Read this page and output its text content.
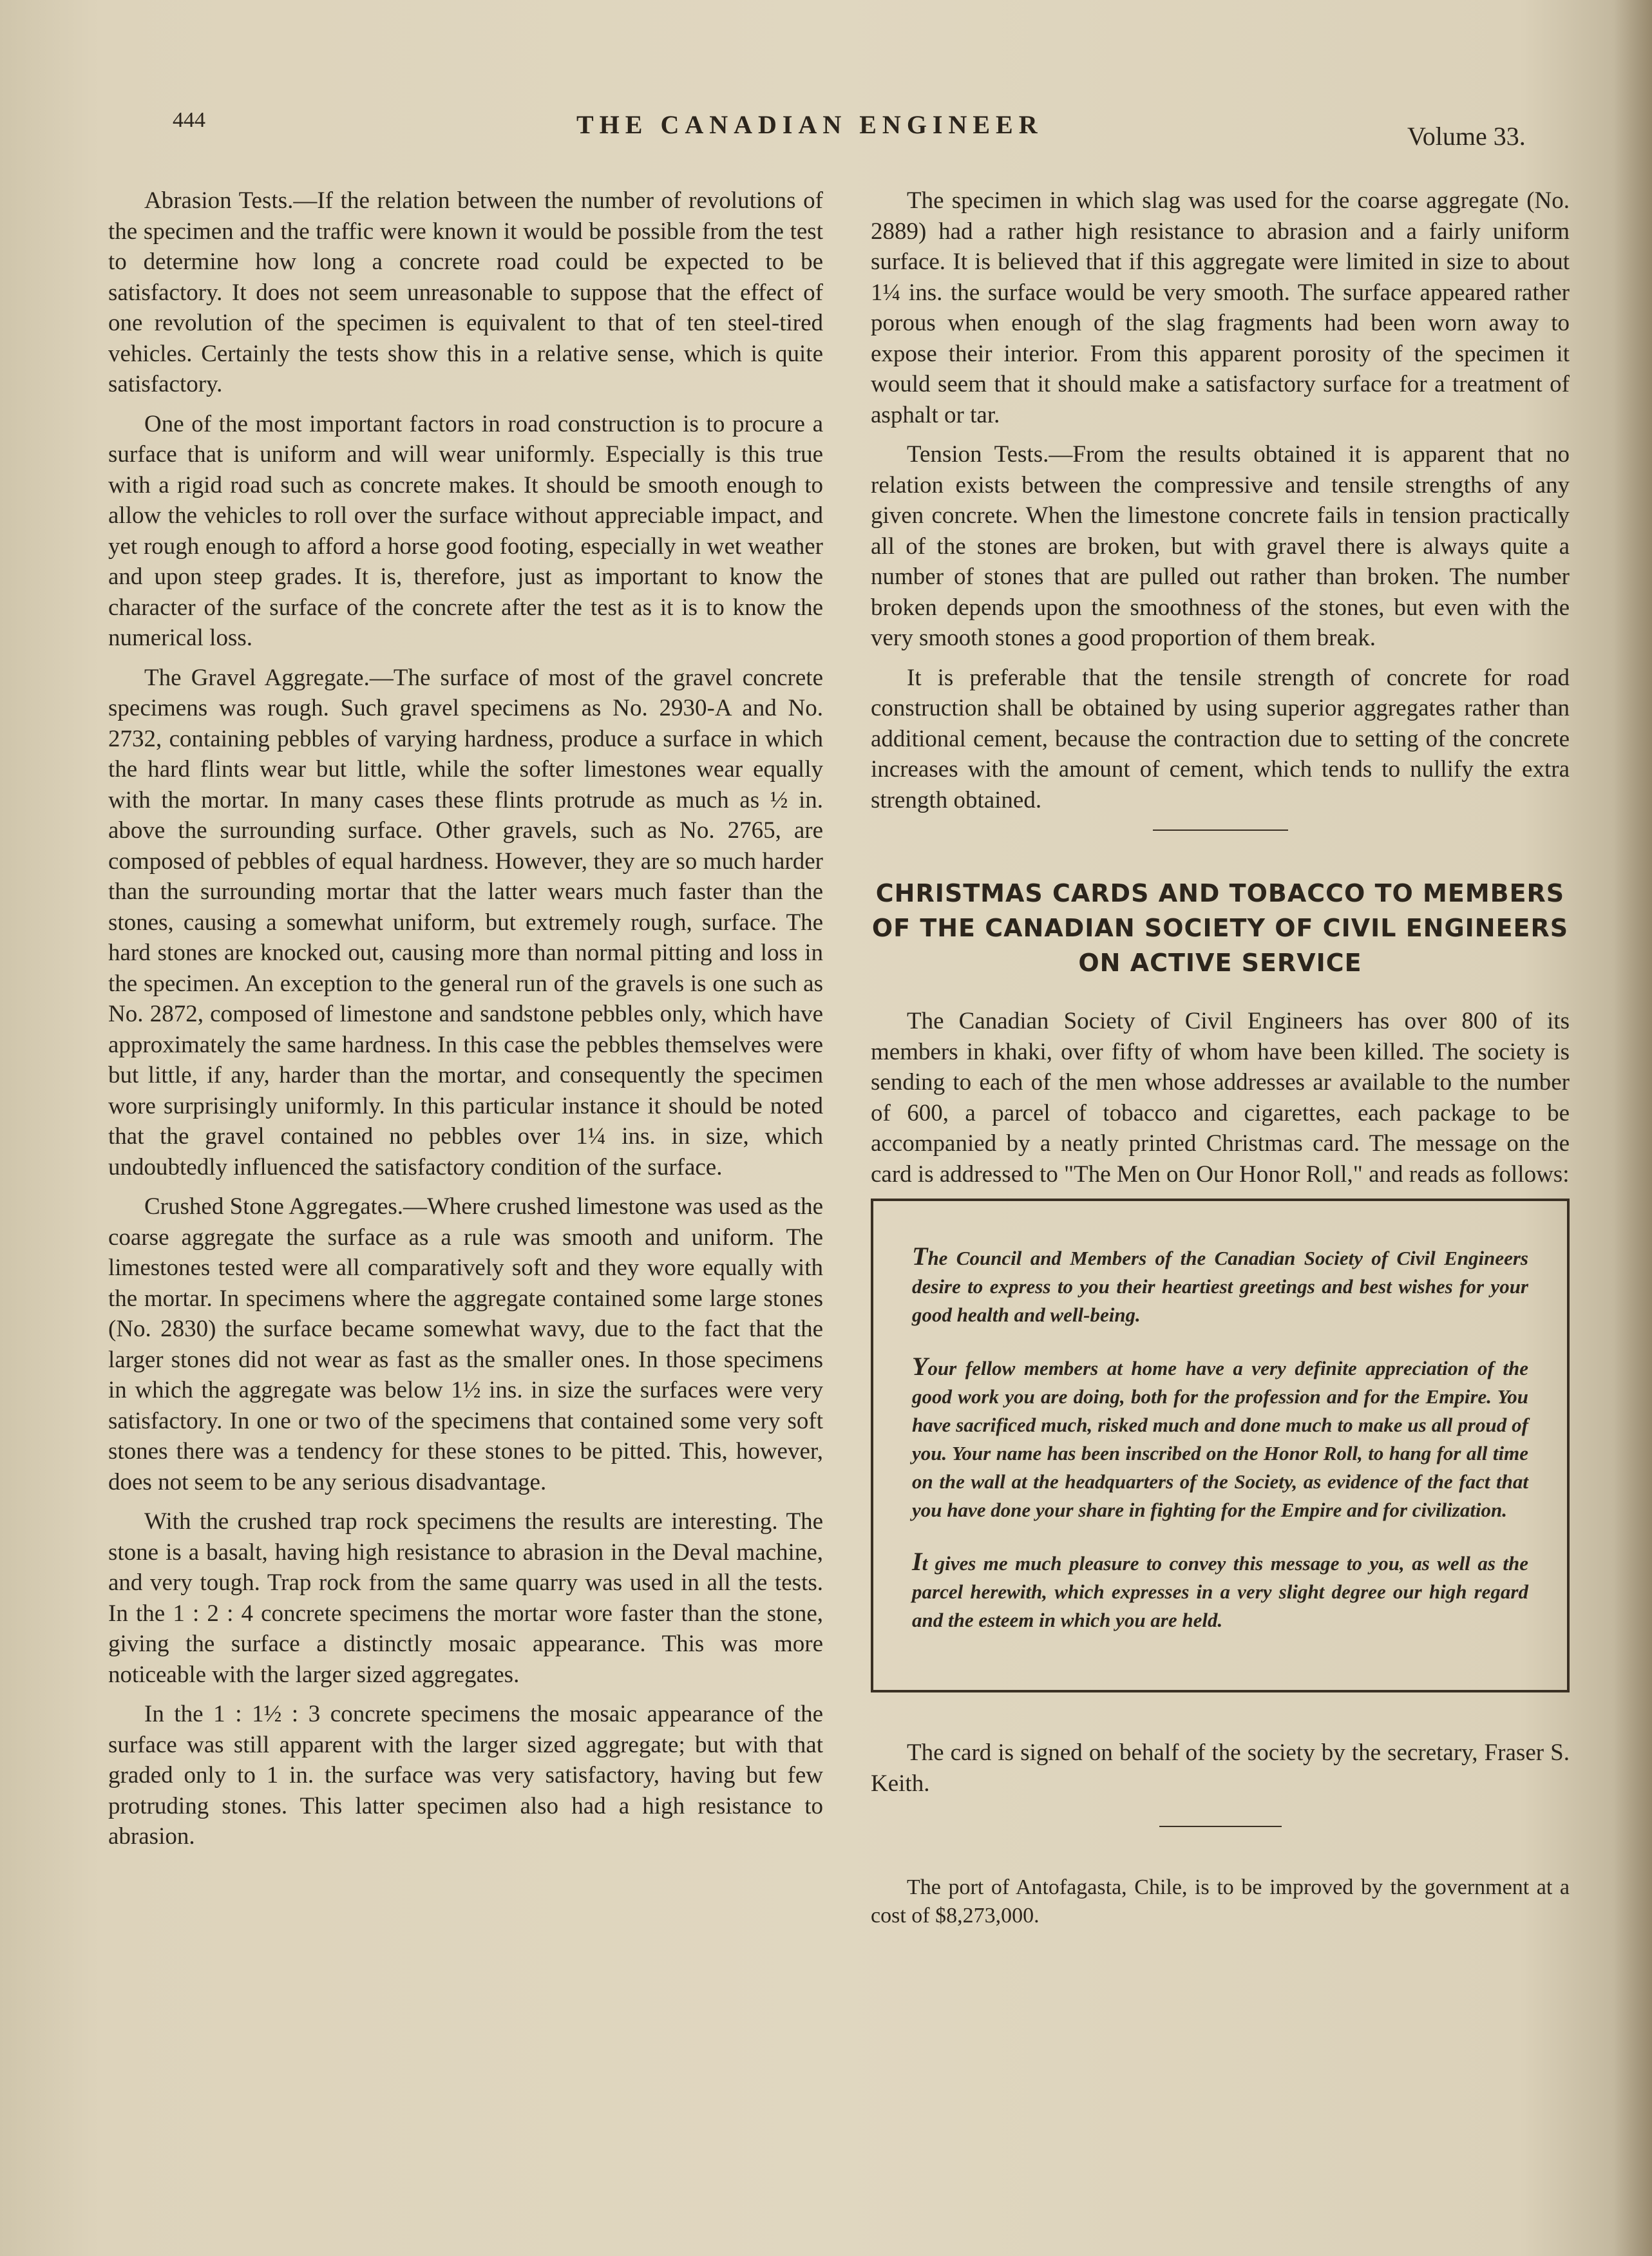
444	THE CANADIAN ENGINEER	Volume 33.

Abrasion Tests.—If the relation between the number of revolutions of the specimen and the traffic were known it would be possible from the test to determine how long a concrete road could be expected to be satisfactory. It does not seem unreasonable to suppose that the effect of one revolution of the specimen is equivalent to that of ten steel-tired vehicles. Certainly the tests show this in a relative sense, which is quite satisfactory.

One of the most important factors in road construction is to procure a surface that is uniform and will wear uniformly. Especially is this true with a rigid road such as concrete makes. It should be smooth enough to allow the vehicles to roll over the surface without appreciable impact, and yet rough enough to afford a horse good footing, especially in wet weather and upon steep grades. It is, therefore, just as important to know the character of the surface of the concrete after the test as it is to know the numerical loss.

The Gravel Aggregate.—The surface of most of the gravel concrete specimens was rough. Such gravel specimens as No. 2930-A and No. 2732, containing pebbles of varying hardness, produce a surface in which the hard flints wear but little, while the softer limestones wear equally with the mortar. In many cases these flints protrude as much as ½ in. above the surrounding surface. Other gravels, such as No. 2765, are composed of pebbles of equal hardness. However, they are so much harder than the surrounding mortar that the latter wears much faster than the stones, causing a somewhat uniform, but extremely rough, surface. The hard stones are knocked out, causing more than normal pitting and loss in the specimen. An exception to the general run of the gravels is one such as No. 2872, composed of limestone and sandstone pebbles only, which have approximately the same hardness. In this case the pebbles themselves were but little, if any, harder than the mortar, and consequently the specimen wore surprisingly uniformly. In this particular instance it should be noted that the gravel contained no pebbles over 1¼ ins. in size, which undoubtedly influenced the satisfactory condition of the surface.

Crushed Stone Aggregates.—Where crushed limestone was used as the coarse aggregate the surface as a rule was smooth and uniform. The limestones tested were all comparatively soft and they wore equally with the mortar. In specimens where the aggregate contained some large stones (No. 2830) the surface became somewhat wavy, due to the fact that the larger stones did not wear as fast as the smaller ones. In those specimens in which the aggregate was below 1½ ins. in size the surfaces were very satisfactory. In one or two of the specimens that contained some very soft stones there was a tendency for these stones to be pitted. This, however, does not seem to be any serious disadvantage.

With the crushed trap rock specimens the results are interesting. The stone is a basalt, having high resistance to abrasion in the Deval machine, and very tough. Trap rock from the same quarry was used in all the tests. In the 1 : 2 : 4 concrete specimens the mortar wore faster than the stone, giving the surface a distinctly mosaic appearance. This was more noticeable with the larger sized aggregates.

In the 1 : 1½ : 3 concrete specimens the mosaic appearance of the surface was still apparent with the larger sized aggregate; but with that graded only to 1 in. the surface was very satisfactory, having but few protruding stones. This latter specimen also had a high resistance to abrasion.

The specimen in which slag was used for the coarse aggregate (No. 2889) had a rather high resistance to abrasion and a fairly uniform surface. It is believed that if this aggregate were limited in size to about 1¼ ins. the surface would be very smooth. The surface appeared rather porous when enough of the slag fragments had been worn away to expose their interior. From this apparent porosity of the specimen it would seem that it should make a satisfactory surface for a treatment of asphalt or tar.

Tension Tests.—From the results obtained it is apparent that no relation exists between the compressive and tensile strengths of any given concrete. When the limestone concrete fails in tension practically all of the stones are broken, but with gravel there is always quite a number of stones that are pulled out rather than broken. The number broken depends upon the smoothness of the stones, but even with the very smooth stones a good proportion of them break.

It is preferable that the tensile strength of concrete for road construction shall be obtained by using superior aggregates rather than additional cement, because the contraction due to setting of the concrete increases with the amount of cement, which tends to nullify the extra strength obtained.

CHRISTMAS CARDS AND TOBACCO TO MEMBERS OF THE CANADIAN SOCIETY OF CIVIL ENGINEERS ON ACTIVE SERVICE

The Canadian Society of Civil Engineers has over 800 of its members in khaki, over fifty of whom have been killed. The society is sending to each of the men whose addresses ar available to the number of 600, a parcel of tobacco and cigarettes, each package to be accompanied by a neatly printed Christmas card. The message on the card is addressed to "The Men on Our Honor Roll," and reads as follows:

The Council and Members of the Canadian Society of Civil Engineers desire to express to you their heartiest greetings and best wishes for your good health and well-being.

Your fellow members at home have a very definite appreciation of the good work you are doing, both for the profession and for the Empire. You have sacrificed much, risked much and done much to make us all proud of you. Your name has been inscribed on the Honor Roll, to hang for all time on the wall at the headquarters of the Society, as evidence of the fact that you have done your share in fighting for the Empire and for civilization.

It gives me much pleasure to convey this message to you, as well as the parcel herewith, which expresses in a very slight degree our high regard and the esteem in which you are held.

The card is signed on behalf of the society by the secretary, Fraser S. Keith.

The port of Antofagasta, Chile, is to be improved by the government at a cost of $8,273,000.
